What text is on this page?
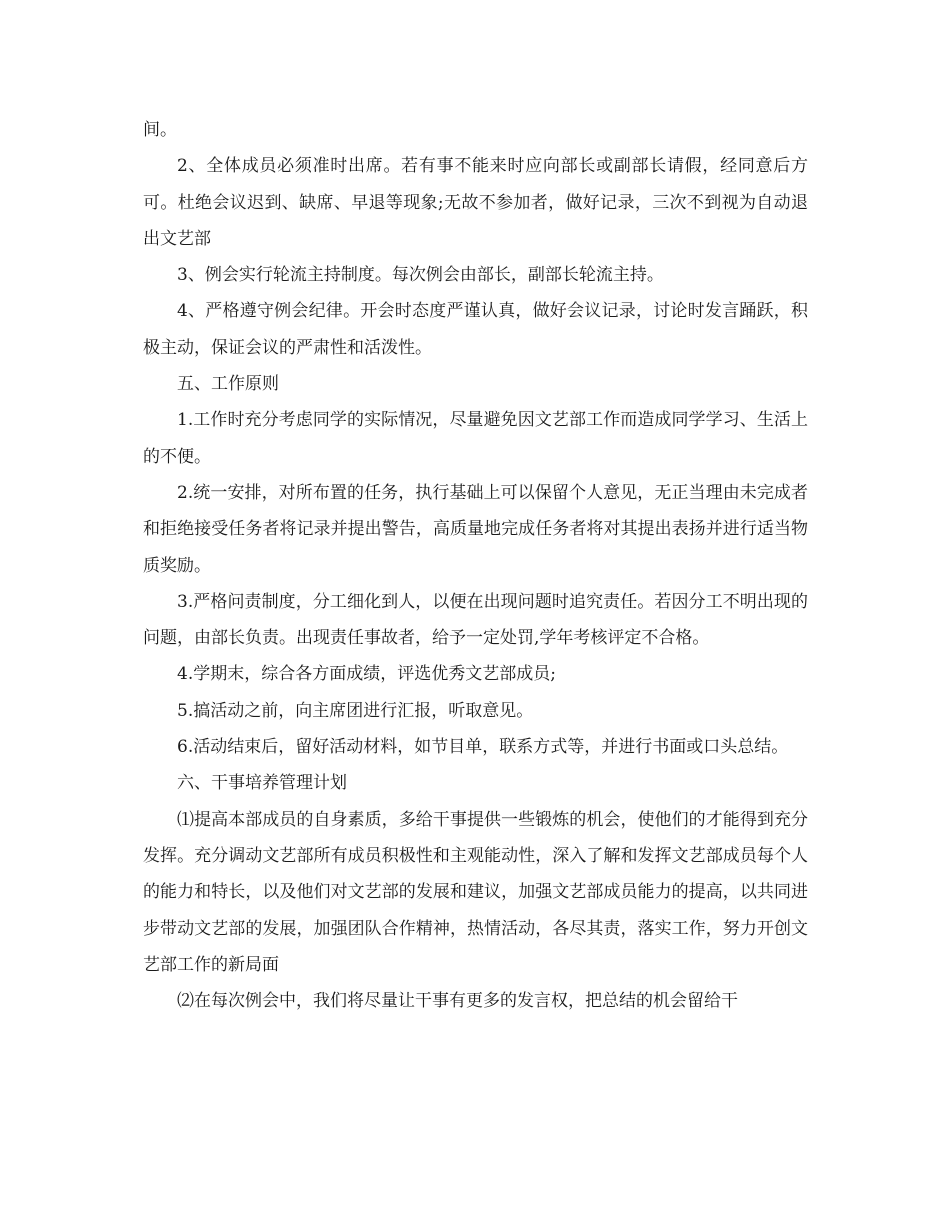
间。

2、全体成员必须准时出席。若有事不能来时应向部长或副部长请假，经同意后方可。杜绝会议迟到、缺席、早退等现象;无故不参加者，做好记录，三次不到视为自动退出文艺部

3、例会实行轮流主持制度。每次例会由部长，副部长轮流主持。

4、严格遵守例会纪律。开会时态度严谨认真，做好会议记录，讨论时发言踊跃，积极主动，保证会议的严肃性和活泼性。

五、工作原则

1.工作时充分考虑同学的实际情况，尽量避免因文艺部工作而造成同学学习、生活上的不便。

2.统一安排，对所布置的任务，执行基础上可以保留个人意见，无正当理由未完成者和拒绝接受任务者将记录并提出警告，高质量地完成任务者将对其提出表扬并进行适当物质奖励。

3.严格问责制度，分工细化到人，以便在出现问题时追究责任。若因分工不明出现的问题，由部长负责。出现责任事故者，给予一定处罚,学年考核评定不合格。

4.学期末，综合各方面成绩，评选优秀文艺部成员;

5.搞活动之前，向主席团进行汇报，听取意见。

6.活动结束后，留好活动材料，如节目单，联系方式等，并进行书面或口头总结。

六、干事培养管理计划

⑴提高本部成员的自身素质，多给干事提供一些锻炼的机会，使他们的才能得到充分发挥。充分调动文艺部所有成员积极性和主观能动性，深入了解和发挥文艺部成员每个人的能力和特长，以及他们对文艺部的发展和建议，加强文艺部成员能力的提高，以共同进步带动文艺部的发展，加强团队合作精神，热情活动，各尽其责，落实工作，努力开创文艺部工作的新局面

⑵在每次例会中，我们将尽量让干事有更多的发言权，把总结的机会留给干
